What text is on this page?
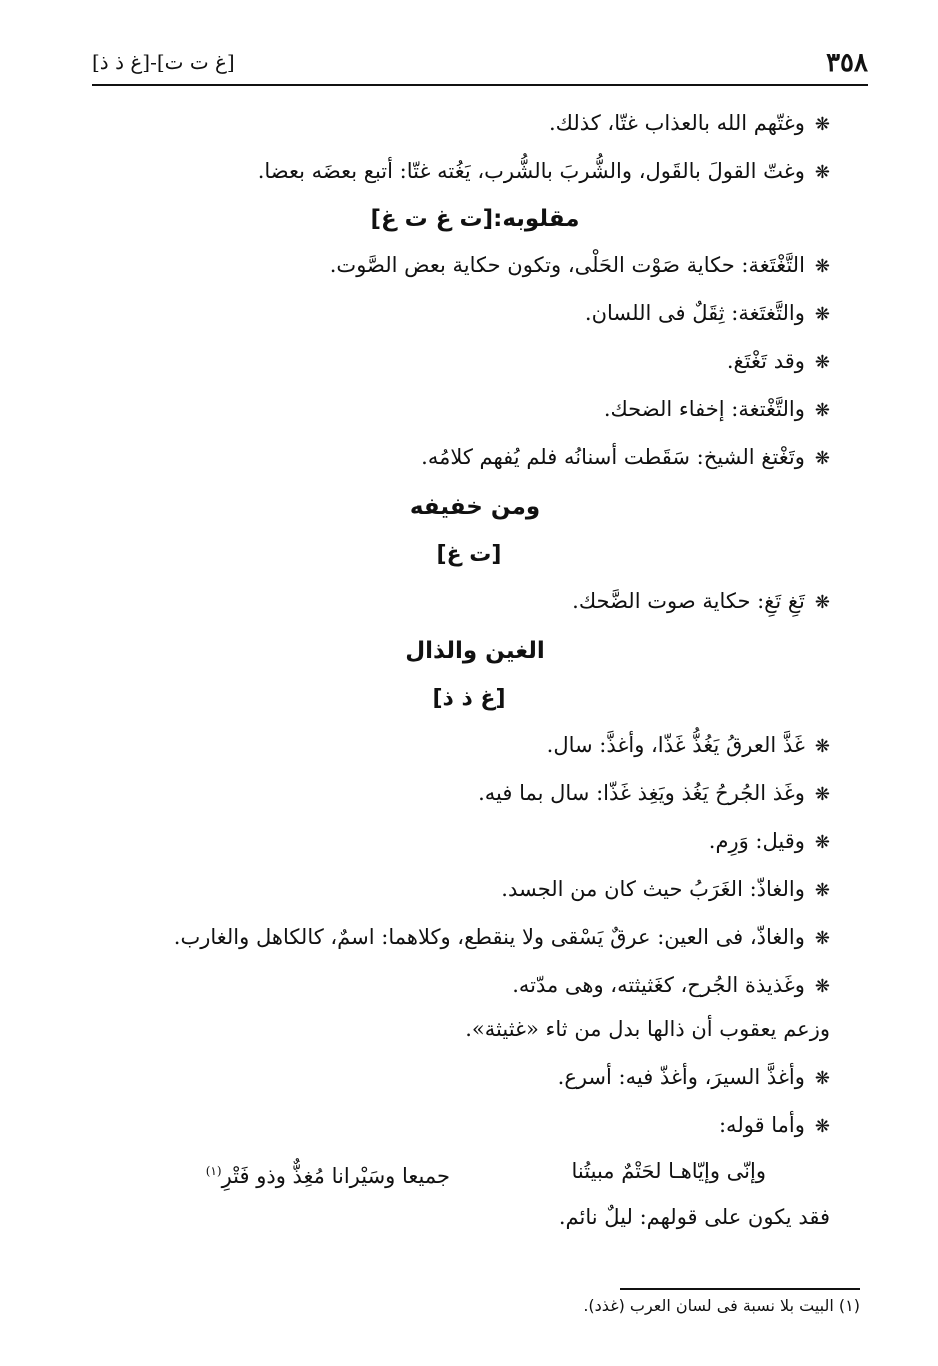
٣٥٨
[غ ت ت]-[غ ذ ذ]
❋وغتّهم الله بالعذاب غتّا، كذلك.
❋وغتّ القولَ بالقَول، والشُّربَ بالشُّرب، يَغُته غتّا: أتبع بعضَه بعضا.
مقلوبه:[ت غ ت غ]
❋التَّغْتَغة: حكاية صَوْت الحَلْى، وتكون حكاية بعض الصَّوت.
❋والتَّغتَغة: ثِقَلٌ فى اللسان.
❋وقد تَغْتَغ.
❋والتَّغْتغة: إخفاء الضحك.
❋وتَغْتغ الشيخ: سَقَطت أسنانُه فلم يُفهم كلامُه.
ومن خفيفه
[ت غ]
❋تَغِ تَغِ: حكاية صوت الضَّحك.
الغين والذال
[غ ذ ذ]
❋غَذَّ العرقُ يَغُذُّ غَذّا، وأغذَّ: سال.
❋وغَذ الجُرحُ يَغُذ ويَغِذ غَذّا: سال بما فيه.
❋وقيل: وَرِم.
❋والغاذّ: الغَرَبُ حيث كان من الجسد.
❋والغاذّ، فى العين: عرقٌ يَسْقى ولا ينقطع، وكلاهما: اسمٌ، كالكاهل والغارب.
❋وغَذيذة الجُرح، كغَثيثته، وهى مدّته.
وزعم يعقوب أن ذالها بدل من ثاء «غثيثة».
❋وأغذَّ السيرَ، وأغذّ فيه: أسرع.
❋وأما قوله:
وإنّى وإيّاهـا لحَتْمٌ مبيتُنا
جميعا وسَيْرانا مُغِذٌّ وذو فَتْرِ$^{(١)}$
فقد يكون على قولهم: ليلٌ نائم.
(١) البيت بلا نسبة فى لسان العرب (غذد).
